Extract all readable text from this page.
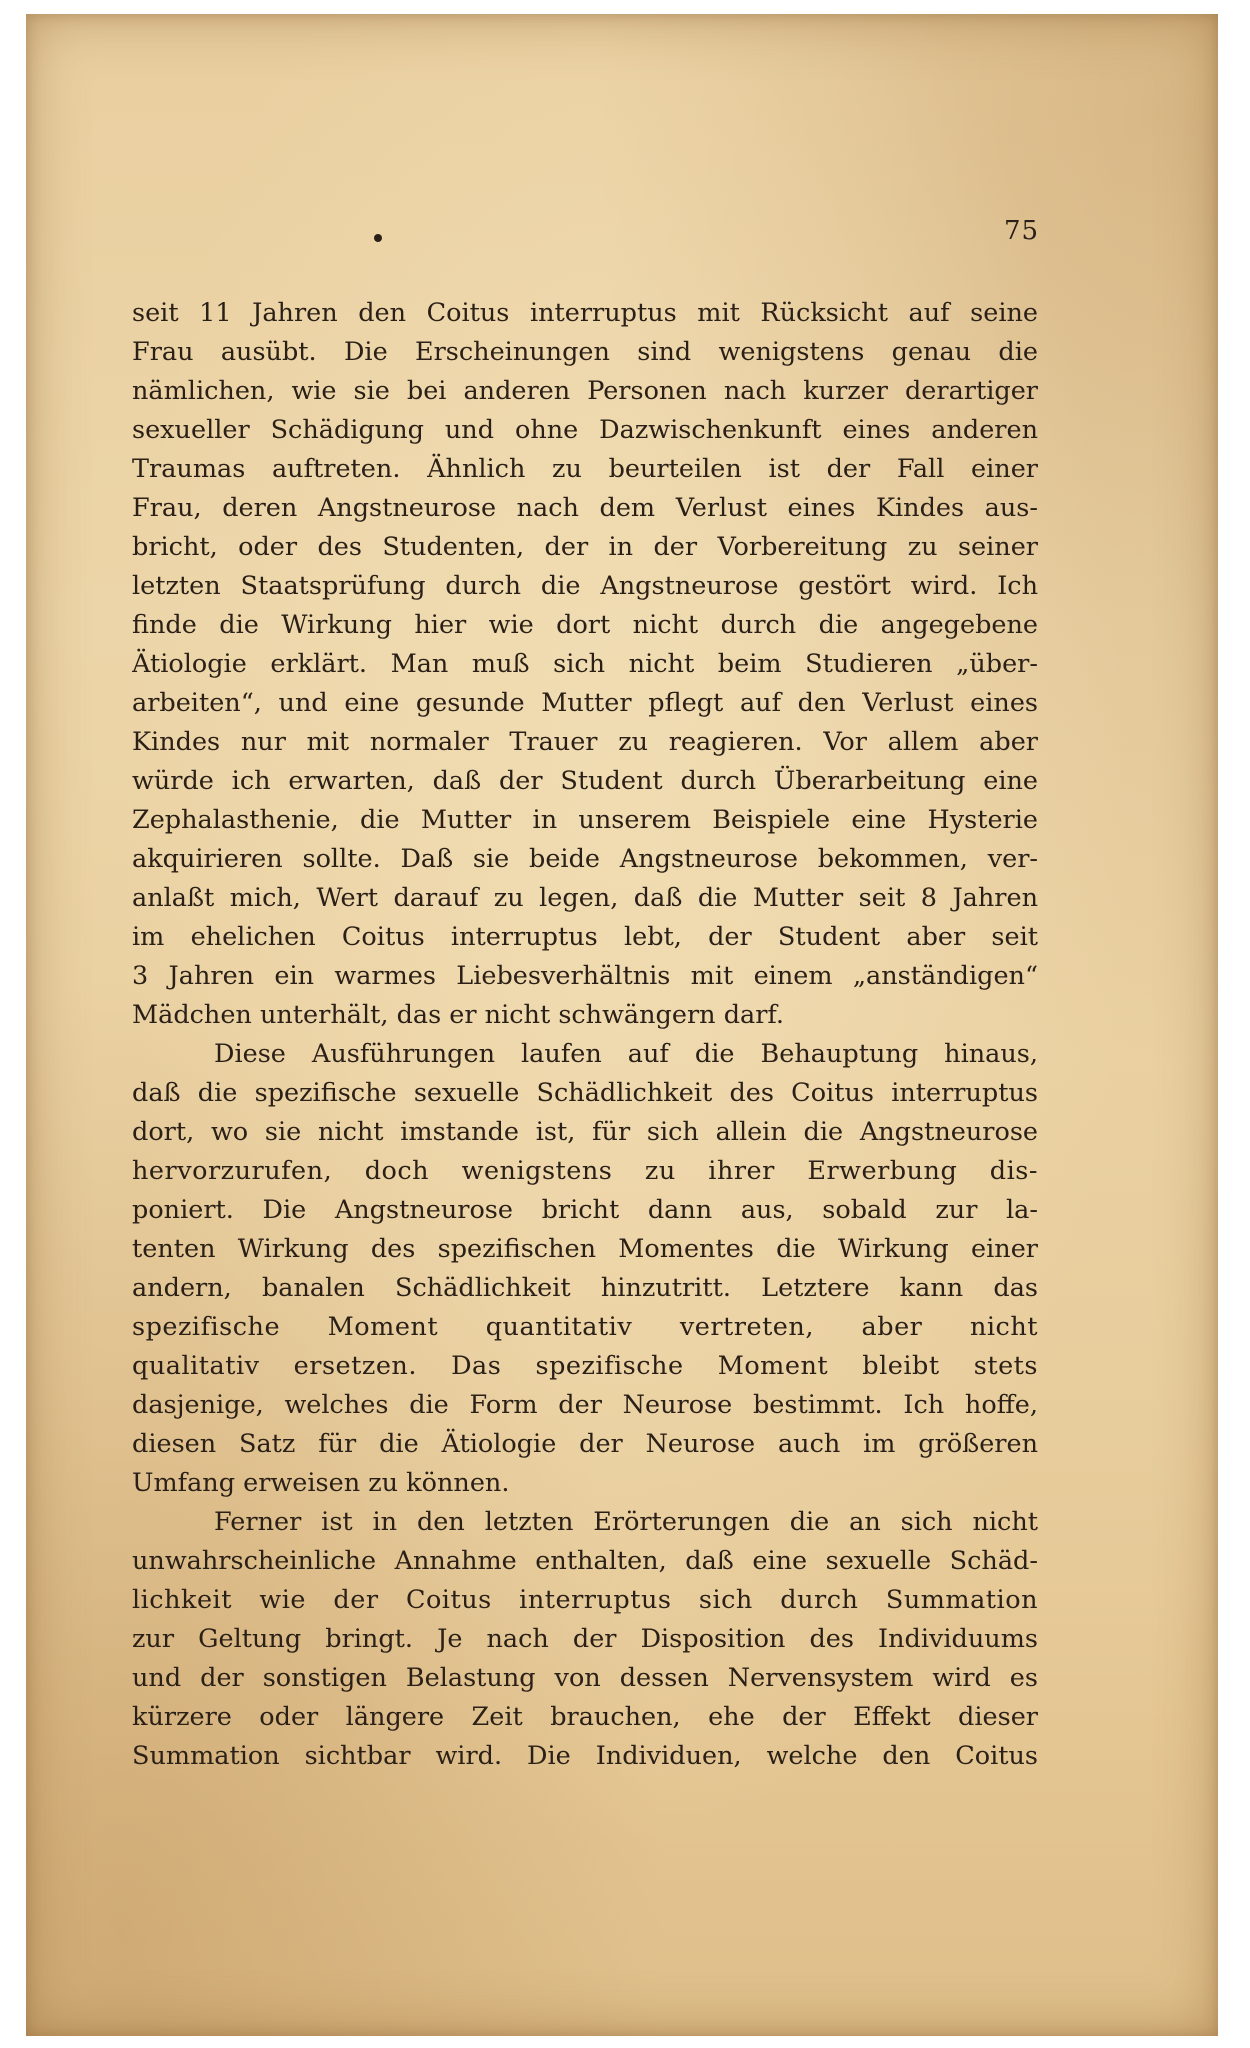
75
seit 11 Jahren den Coitus interruptus mit Rücksicht auf seine
Frau ausübt. Die Erscheinungen sind wenigstens genau die
nämlichen, wie sie bei anderen Personen nach kurzer derartiger
sexueller Schädigung und ohne Dazwischenkunft eines anderen
Traumas auftreten. Ähnlich zu beurteilen ist der Fall einer
Frau, deren Angstneurose nach dem Verlust eines Kindes aus-
bricht, oder des Studenten, der in der Vorbereitung zu seiner
letzten Staatsprüfung durch die Angstneurose gestört wird. Ich
finde die Wirkung hier wie dort nicht durch die angegebene
Ätiologie erklärt. Man muß sich nicht beim Studieren „über-
arbeiten“, und eine gesunde Mutter pflegt auf den Verlust eines
Kindes nur mit normaler Trauer zu reagieren. Vor allem aber
würde ich erwarten, daß der Student durch Überarbeitung eine
Zephalasthenie, die Mutter in unserem Beispiele eine Hysterie
akquirieren sollte. Daß sie beide Angstneurose bekommen, ver-
anlaßt mich, Wert darauf zu legen, daß die Mutter seit 8 Jahren
im ehelichen Coitus interruptus lebt, der Student aber seit
3 Jahren ein warmes Liebesverhältnis mit einem „anständigen“
Mädchen unterhält, das er nicht schwängern darf.
Diese Ausführungen laufen auf die Behauptung hinaus,
daß die spezifische sexuelle Schädlichkeit des Coitus interruptus
dort, wo sie nicht imstande ist, für sich allein die Angstneurose
hervorzurufen, doch wenigstens zu ihrer Erwerbung dis-
poniert. Die Angstneurose bricht dann aus, sobald zur la-
tenten Wirkung des spezifischen Momentes die Wirkung einer
andern, banalen Schädlichkeit hinzutritt. Letztere kann das
spezifische Moment quantitativ vertreten, aber nicht
qualitativ ersetzen. Das spezifische Moment bleibt stets
dasjenige, welches die Form der Neurose bestimmt. Ich hoffe,
diesen Satz für die Ätiologie der Neurose auch im größeren
Umfang erweisen zu können.
Ferner ist in den letzten Erörterungen die an sich nicht
unwahrscheinliche Annahme enthalten, daß eine sexuelle Schäd-
lichkeit wie der Coitus interruptus sich durch Summation
zur Geltung bringt. Je nach der Disposition des Individuums
und der sonstigen Belastung von dessen Nervensystem wird es
kürzere oder längere Zeit brauchen, ehe der Effekt dieser
Summation sichtbar wird. Die Individuen, welche den Coitus
